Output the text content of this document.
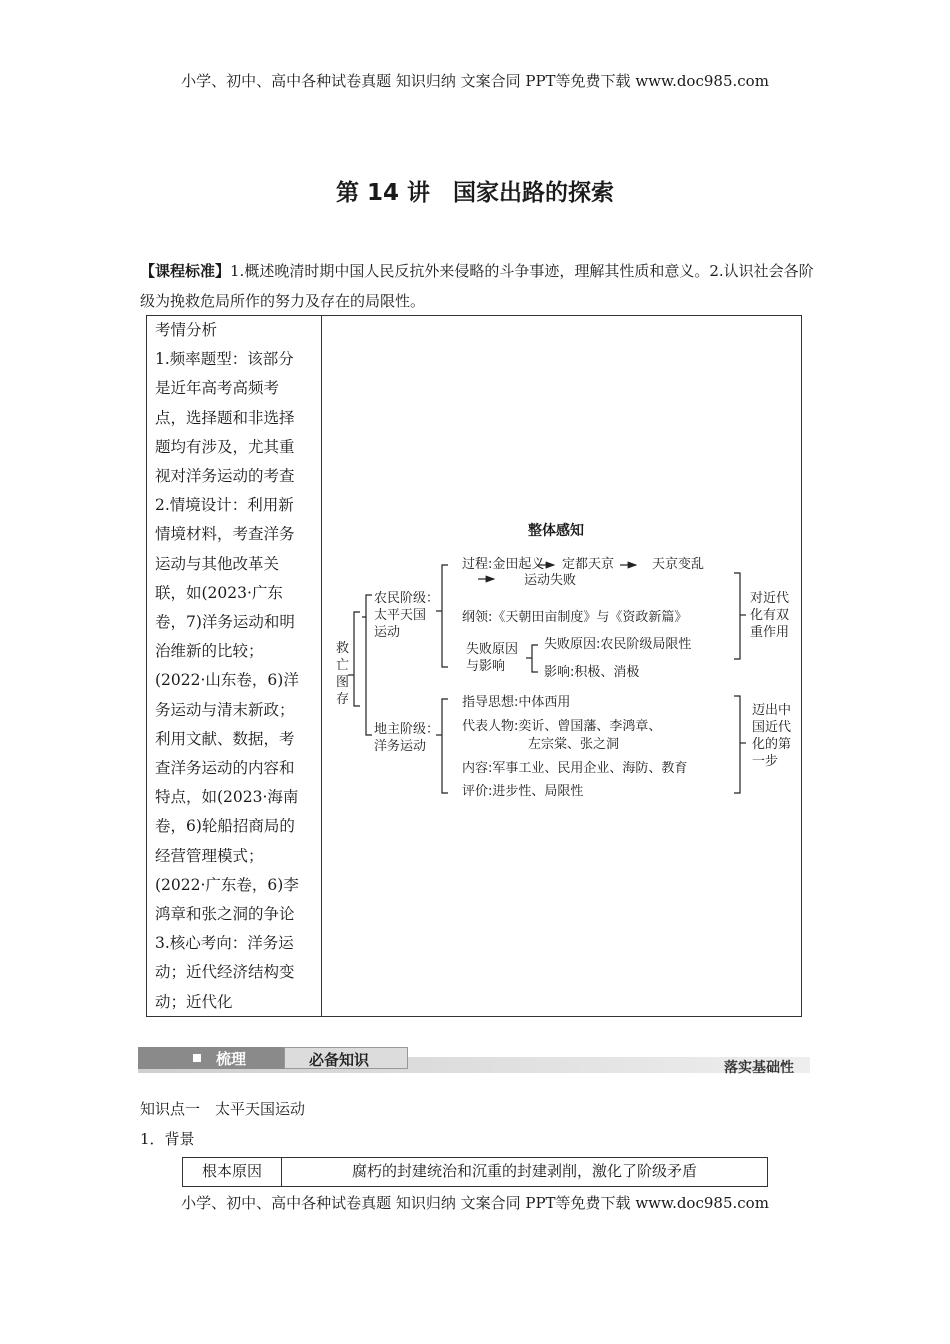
小学、初中、高中各种试卷真题 知识归纳 文案合同 PPT等免费下载 www.doc985.com
第 14 讲　国家出路的探索
【课程标准】1.概述晚清时期中国人民反抗外来侵略的斗争事迹，理解其性质和意义。2.认识社会各阶级为挽救危局所作的努力及存在的局限性。
考情分析
1.频率题型：该部分
是近年高考高频考
点，选择题和非选择
题均有涉及，尤其重
视对洋务运动的考查
2.情境设计：利用新
情境材料，考查洋务
运动与其他改革关
联，如(2023·广东
卷，7)洋务运动和明
治维新的比较；
(2022·山东卷，6)洋
务运动与清末新政；
利用文献、数据，考
查洋务运动的内容和
特点，如(2023·海南
卷，6)轮船招商局的
经营管理模式；
(2022·广东卷，6)李
鸿章和张之洞的争论
3.核心考向：洋务运
动；近代经济结构变
动；近代化
整体感知
救
亡
图
存
农民阶级：
太平天国
运动
地主阶级：
洋务运动
过程:金田起义 定都天京	天京变乱
运动失败
纲领:《天朝田亩制度》与《资政新篇》
失败原因
与影响
失败原因:农民阶级局限性
影响:积极、消极
对近代
化有双
重作用
指导思想:中体西用
代表人物:奕䜣、曾国藩、李鸿章、
左宗棠、张之洞
内容:军事工业、民用企业、海防、教育
评价:进步性、局限性
迈出中
国近代
化的第
一步
梳理	必备知识	落实基础性
知识点一　太平天国运动
1．背景
根本原因	腐朽的封建统治和沉重的封建剥削，激化了阶级矛盾
小学、初中、高中各种试卷真题 知识归纳 文案合同 PPT等免费下载 www.doc985.com
